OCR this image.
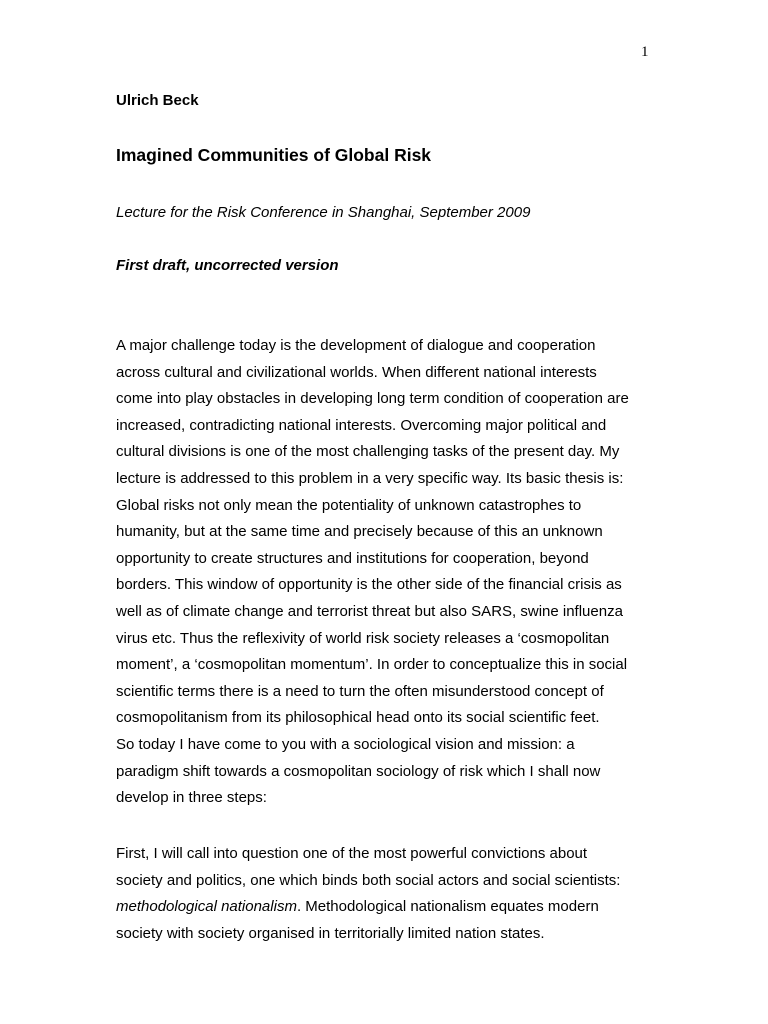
1
Ulrich Beck
Imagined Communities of Global Risk
Lecture for the Risk Conference in Shanghai, September 2009
First draft, uncorrected version
A major challenge today is the development of dialogue and cooperation
across cultural and civilizational worlds. When different national interests
come into play obstacles in developing long term condition of cooperation are
increased, contradicting national interests. Overcoming major political and
cultural divisions is one of the most challenging tasks of the present day. My
lecture is addressed to this problem in a very specific way. Its basic thesis is:
Global risks not only mean the potentiality of unknown catastrophes to
humanity, but at the same time and precisely because of this an unknown
opportunity to create structures and institutions for cooperation, beyond
borders. This window of opportunity is the other side of the financial crisis as
well as of climate change and terrorist threat but also SARS, swine influenza
virus etc. Thus the reflexivity of world risk society releases a ‘cosmopolitan
moment’, a ‘cosmopolitan momentum’. In order to conceptualize this in social
scientific terms there is a need to turn the often misunderstood concept of
cosmopolitanism from its philosophical head onto its social scientific feet.
So today I have come to you with a sociological vision and mission: a
paradigm shift towards a cosmopolitan sociology of risk which I shall now
develop in three steps:
First, I will call into question one of the most powerful convictions about
society and politics, one which binds both social actors and social scientists:
methodological nationalism. Methodological nationalism equates modern
society with society organised in territorially limited nation states.
